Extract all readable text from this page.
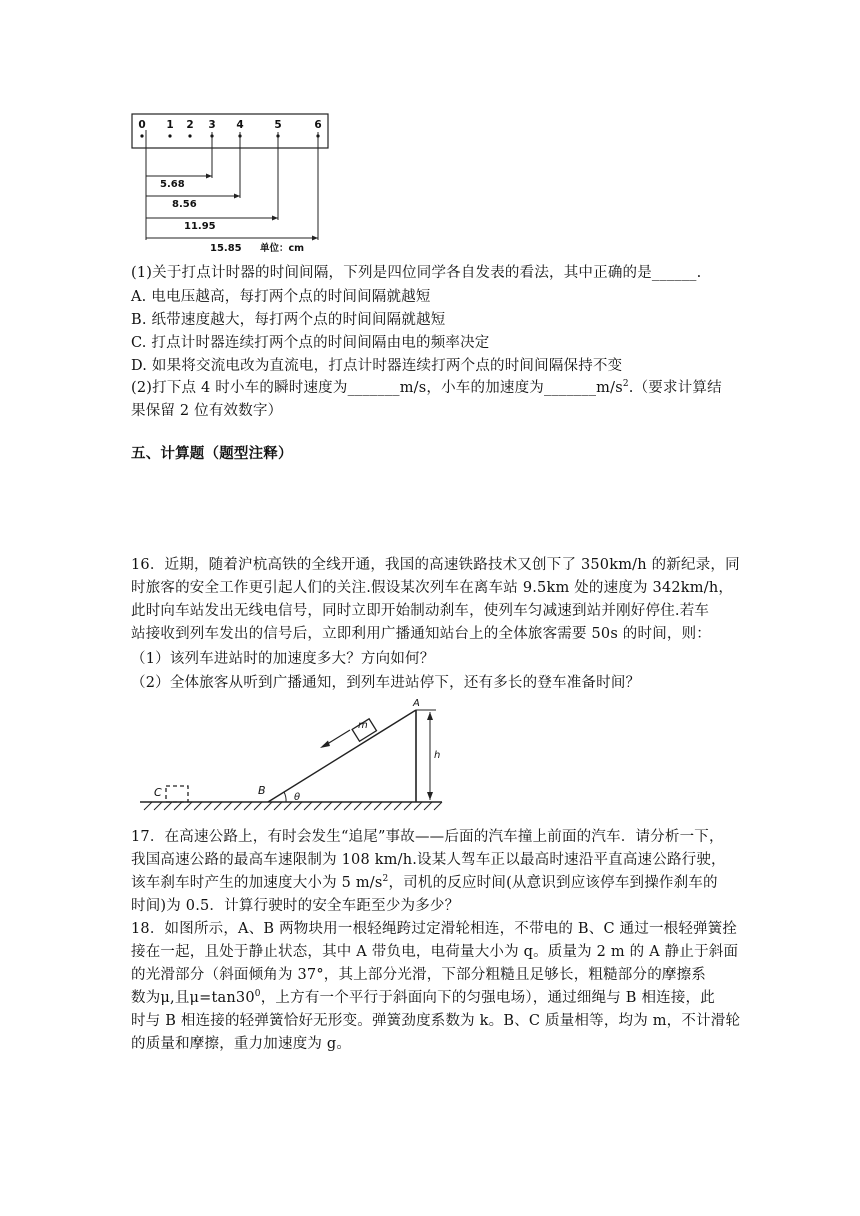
0 1 2 3 4	5	6
5.68
8.56
11.95
15.85 单位：cm
(1)关于打点计时器的时间间隔，下列是四位同学各自发表的看法，其中正确的是______.
A. 电电压越高，每打两个点的时间间隔就越短
B. 纸带速度越大，每打两个点的时间间隔就越短
C. 打点计时器连续打两个点的时间间隔由电的频率决定
D. 如果将交流电改为直流电，打点计时器连续打两个点的时间间隔保持不变
(2)打下点 4 时小车的瞬时速度为_______m/s，小车的加速度为$\_\_\_\_\_\_\_m/s^2$.（要求计算结
果保留 2 位有效数字）
五、计算题（题型注释）
16．近期，随着沪杭高铁的全线开通，我国的高速铁路技术又创下了 350km/h 的新纪录，同
时旅客的安全工作更引起人们的关注.假设某次列车在离车站 9.5km 处的速度为 342km/h，
此时向车站发出无线电信号，同时立即开始制动刹车，使列车匀减速到站并刚好停住.若车
站接收到列车发出的信号后，立即利用广播通知站台上的全体旅客需要 50s 的时间，则：
（1）该列车进站时的加速度多大？方向如何？
（2）全体旅客从听到广播通知，到列车进站停下，还有多长的登车准备时间？
C
m
A
B
θ
h
17．在高速公路上，有时会发生“追尾”事故——后面的汽车撞上前面的汽车．请分析一下，
我国高速公路的最高车速限制为 108 km/h.设某人驾车正以最高时速沿平直高速公路行驶，
该车刹车时产生的加速度大小为 5 $m/s^2$，司机的反应时间(从意识到应该停车到操作刹车的
时间)为 0.5．计算行驶时的安全车距至少为多少？
18．如图所示，A、B 两物块用一根轻绳跨过定滑轮相连，不带电的 B、C 通过一根轻弹簧拴
接在一起，且处于静止状态，其中 A 带负电，电荷量大小为 q。质量为 2 m 的 A 静止于斜面
的光滑部分（斜面倾角为 37°，其上部分光滑，下部分粗糙且足够长，粗糙部分的摩擦系
数为μ,且$\mu=\tan 30^0$，上方有一个平行于斜面向下的匀强电场），通过细绳与 B 相连接，此
时与 B 相连接的轻弹簧恰好无形变。弹簧劲度系数为 k。B、C 质量相等，均为 m，不计滑轮
的质量和摩擦，重力加速度为 g。
